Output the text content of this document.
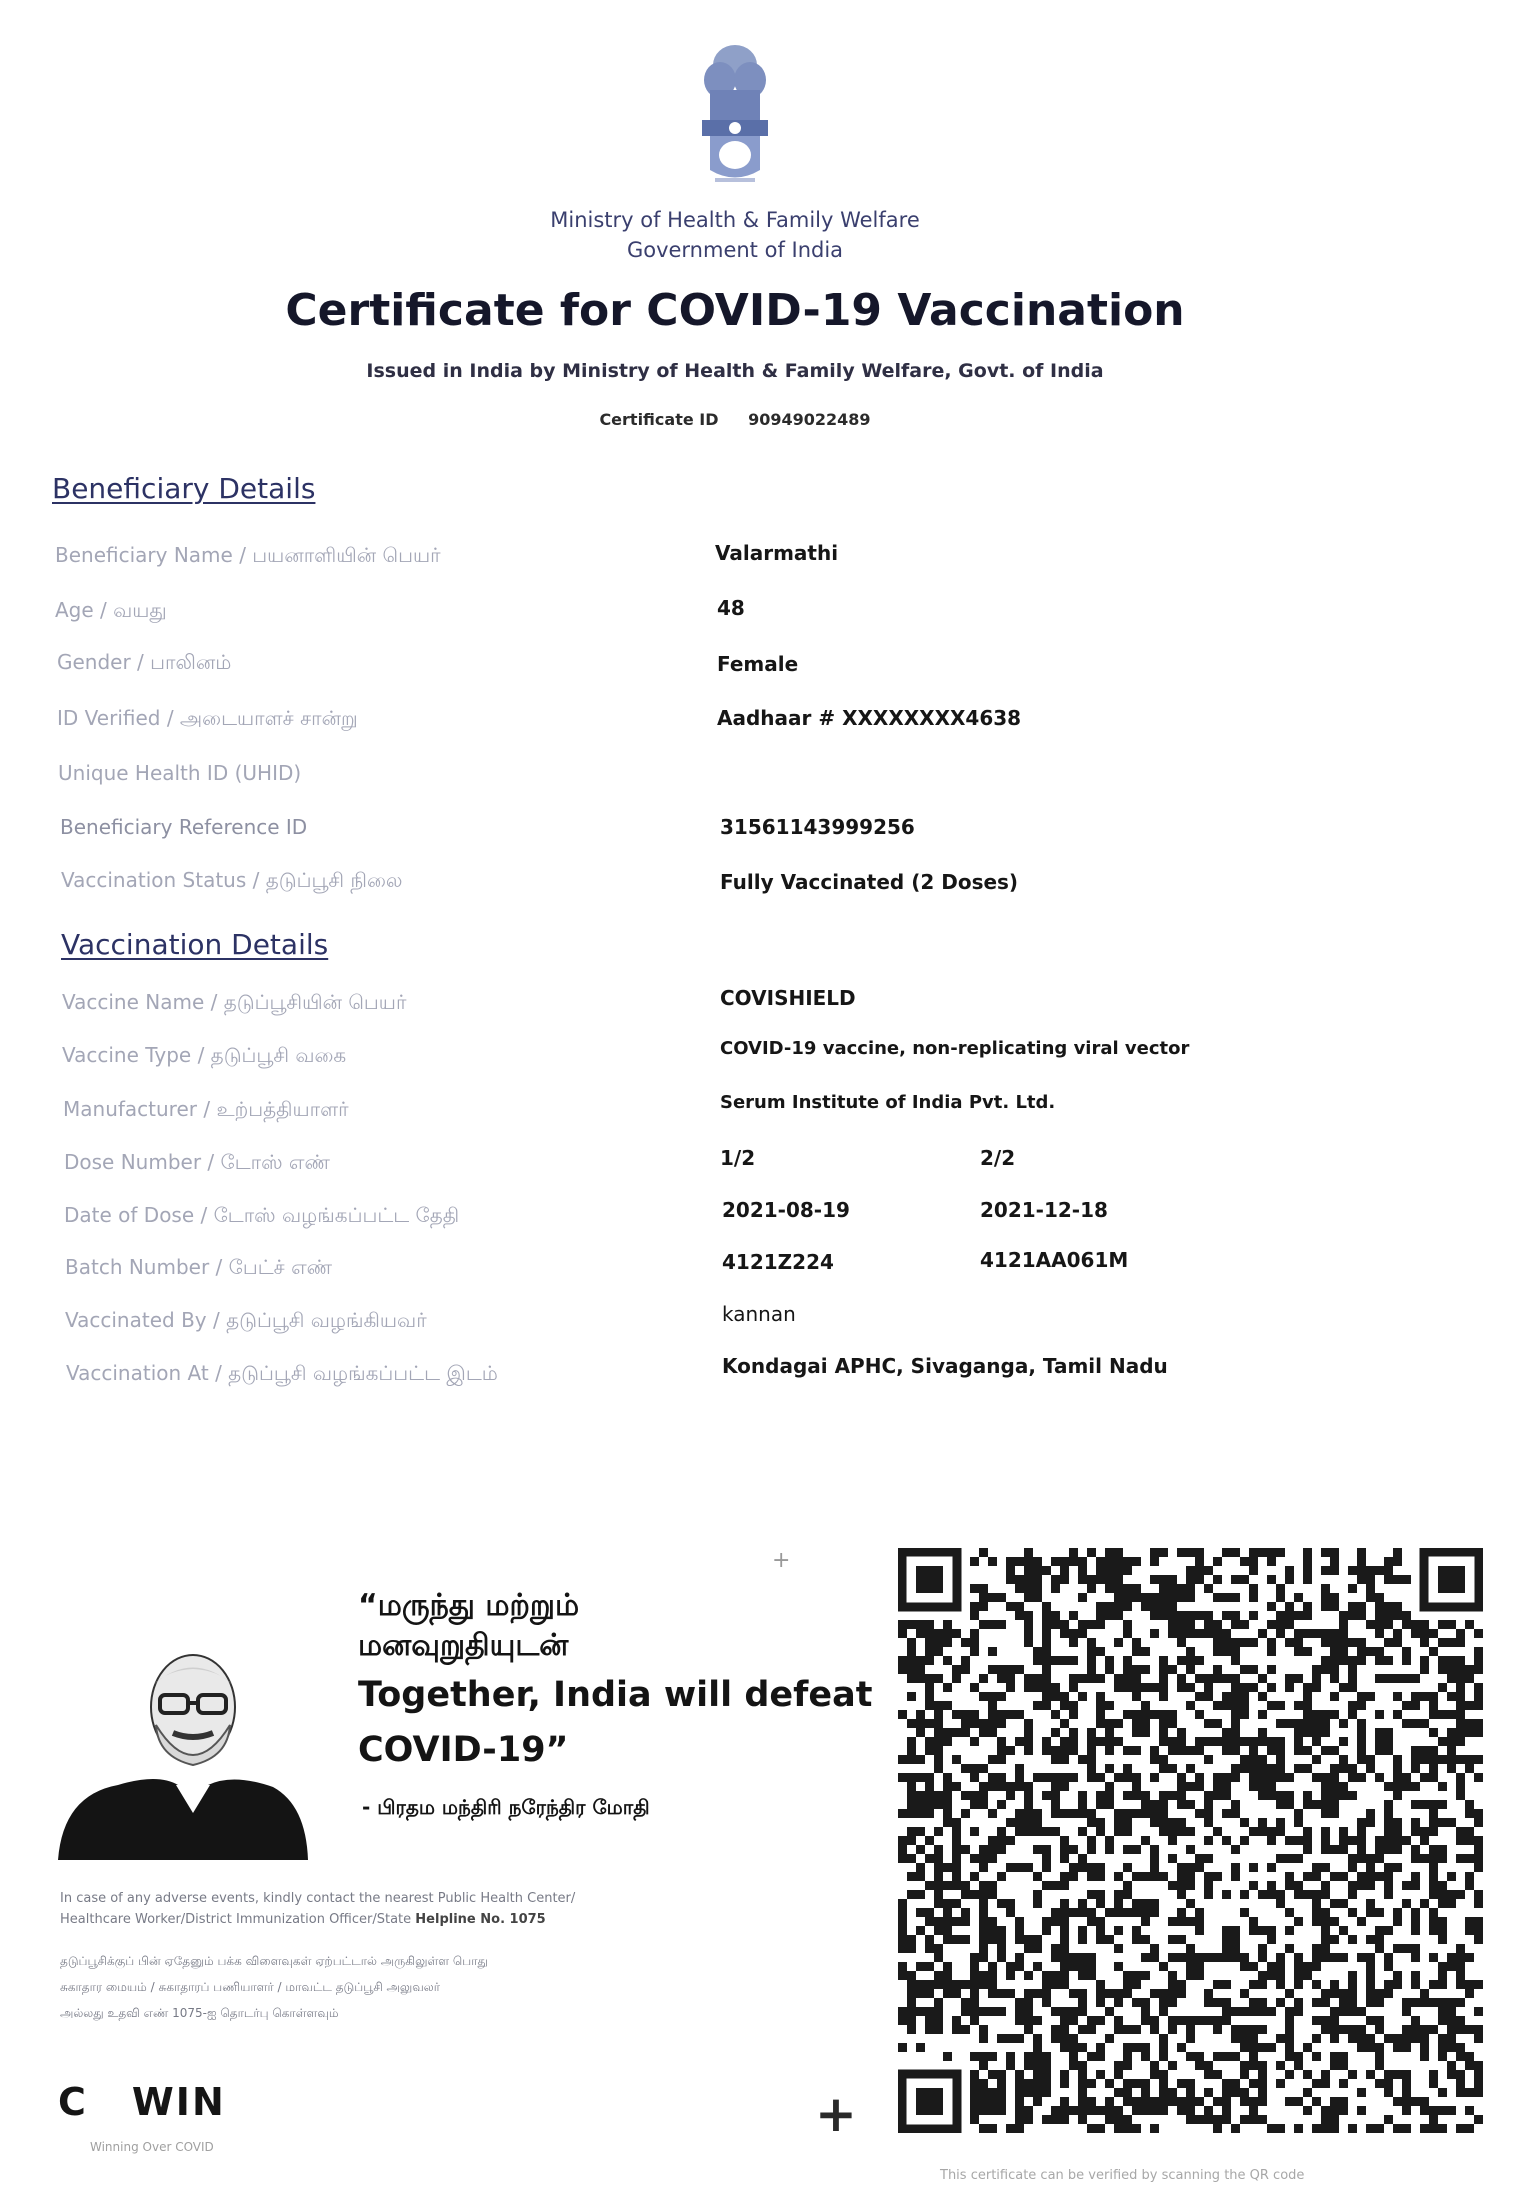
Ministry of Health & Family Welfare
Government of India
Certificate for COVID-19 Vaccination
Issued in India by Ministry of Health & Family Welfare, Govt. of India
Certificate ID 90949022489
Beneficiary Details
Beneficiary Name / பயனாளியின் பெயர்	Valarmathi
Age / வயது	48
Gender / பாலினம்	Female
ID Verified / அடையாளச் சான்று	Aadhaar # XXXXXXXX4638
Unique Health ID (UHID)
Beneficiary Reference ID	31561143999256
Vaccination Status / தடுப்பூசி நிலை	Fully Vaccinated (2 Doses)
Vaccination Details
Vaccine Name / தடுப்பூசியின் பெயர்	COVISHIELD
Vaccine Type / தடுப்பூசி வகை	COVID-19 vaccine, non-replicating viral vector
Manufacturer / உற்பத்தியாளர்	Serum Institute of India Pvt. Ltd.
Dose Number / டோஸ் எண்	1/2	2/2
Date of Dose / டோஸ் வழங்கப்பட்ட தேதி	2021-08-19	2021-12-18
Batch Number / பேட்ச் எண்	4121Z224	4121AA061M
Vaccinated By / தடுப்பூசி வழங்கியவர்	kannan
Vaccination At / தடுப்பூசி வழங்கப்பட்ட இடம்	Kondagai APHC, Sivaganga, Tamil Nadu
+
“மருந்து மற்றும்
மனவுறுதியுடன்
Together, India will defeat
COVID-19”
- பிரதம மந்திரி நரேந்திர மோதி
In case of any adverse events, kindly contact the nearest Public Health Center/
Healthcare Worker/District Immunization Officer/State Helpline No. 1075
தடுப்பூசிக்குப் பின் ஏதேனும் பக்க விளைவுகள் ஏற்பட்டால் அருகிலுள்ள பொது
சுகாதார மையம் / சுகாதாரப் பணியாளர் / மாவட்ட தடுப்பூசி அலுவலர்
அல்லது உதவி எண் 1075-ஐ தொடர்பு கொள்ளவும்
C WIN
Winning Over COVID
+
This certificate can be verified by scanning the QR code
